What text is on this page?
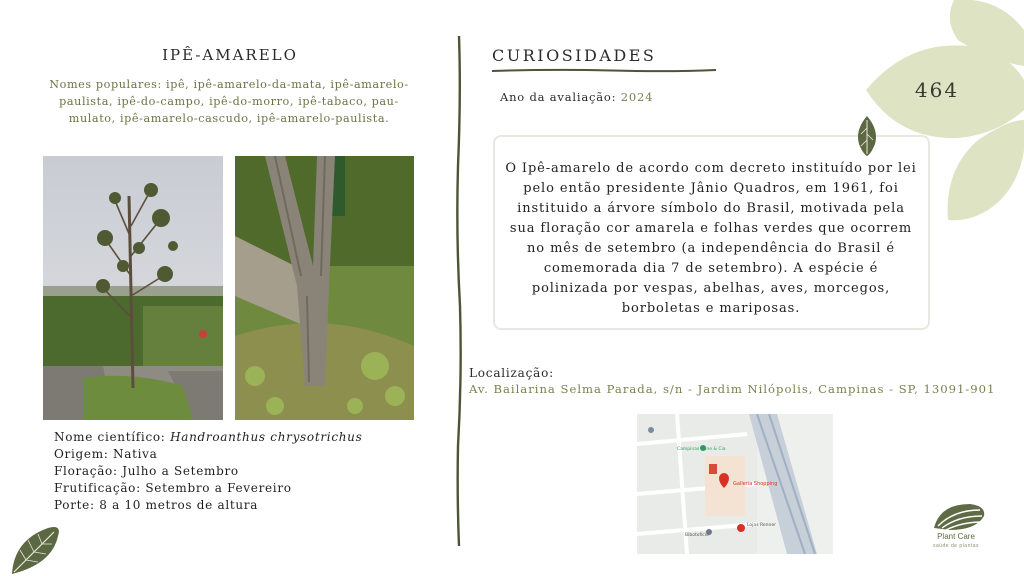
IPÊ-AMARELO
Nomes populares: ipê, ipê-amarelo-da-mata, ipê-amarelo-paulista, ipê-do-campo, ipê-do-morro, ipê-tabaco, pau-mulato, ipê-amarelo-cascudo, ipê-amarelo-paulista.
Nome científico: Handroanthus chrysotrichus
Origem: Nativa
Floração: Julho a Setembro
Frutificação: Setembro a Fevereiro
Porte: 8 a 10 metros de altura
CURIOSIDADES
Ano da avaliação: 2024	464
O Ipê-amarelo de acordo com decreto instituído por lei pelo então presidente Jânio Quadros, em 1961, foi instituido a árvore símbolo do Brasil, motivada pela sua floração cor amarela e folhas verdes que ocorrem no mês de setembro (a independência do Brasil é comemorada dia 7 de setembro). A espécie é polinizada por vespas, abelhas, aves, morcegos, borboletas e mariposas.
Localização:
Av. Bailarina Selma Parada, s/n - Jardim Nilópolis, Campinas - SP, 13091-901
Galleria Shopping
Campinas Wine & Cia
Lojas Renner
Bibotofício	Plant Care
saúde de plantas
